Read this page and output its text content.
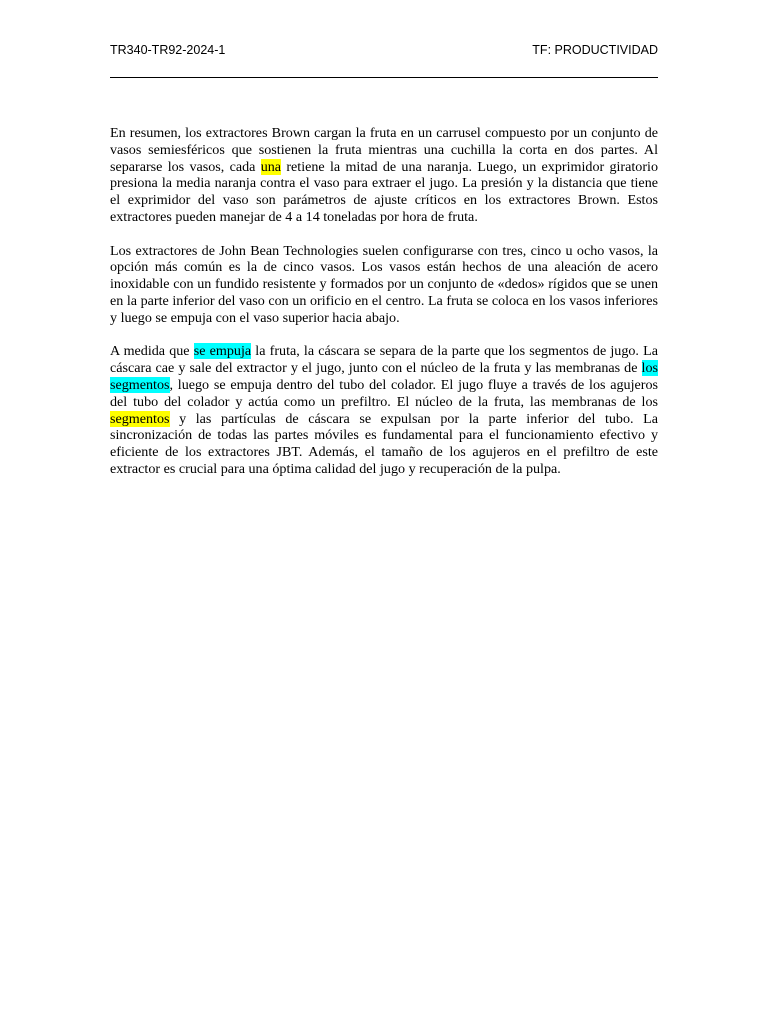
TR340-TR92-2024-1	TF: PRODUCTIVIDAD

En resumen, los extractores Brown cargan la fruta en un carrusel compuesto por un conjunto de vasos semiesféricos que sostienen la fruta mientras una cuchilla la corta en dos partes. Al separarse los vasos, cada una retiene la mitad de una naranja. Luego, un exprimidor giratorio presiona la media naranja contra el vaso para extraer el jugo. La presión y la distancia que tiene el exprimidor del vaso son parámetros de ajuste críticos en los extractores Brown. Estos extractores pueden manejar de 4 a 14 toneladas por hora de fruta.

Los extractores de John Bean Technologies suelen configurarse con tres, cinco u ocho vasos, la opción más común es la de cinco vasos. Los vasos están hechos de una aleación de acero inoxidable con un fundido resistente y formados por un conjunto de «dedos» rígidos que se unen en la parte inferior del vaso con un orificio en el centro. La fruta se coloca en los vasos inferiores y luego se empuja con el vaso superior hacia abajo.

A medida que se empuja la fruta, la cáscara se separa de la parte que los segmentos de jugo. La cáscara cae y sale del extractor y el jugo, junto con el núcleo de la fruta y las membranas de los segmentos, luego se empuja dentro del tubo del colador. El jugo fluye a través de los agujeros del tubo del colador y actúa como un prefiltro. El núcleo de la fruta, las membranas de los segmentos y las partículas de cáscara se expulsan por la parte inferior del tubo. La sincronización de todas las partes móviles es fundamental para el funcionamiento efectivo y eficiente de los extractores JBT. Además, el tamaño de los agujeros en el prefiltro de este extractor es crucial para una óptima calidad del jugo y recuperación de la pulpa.
